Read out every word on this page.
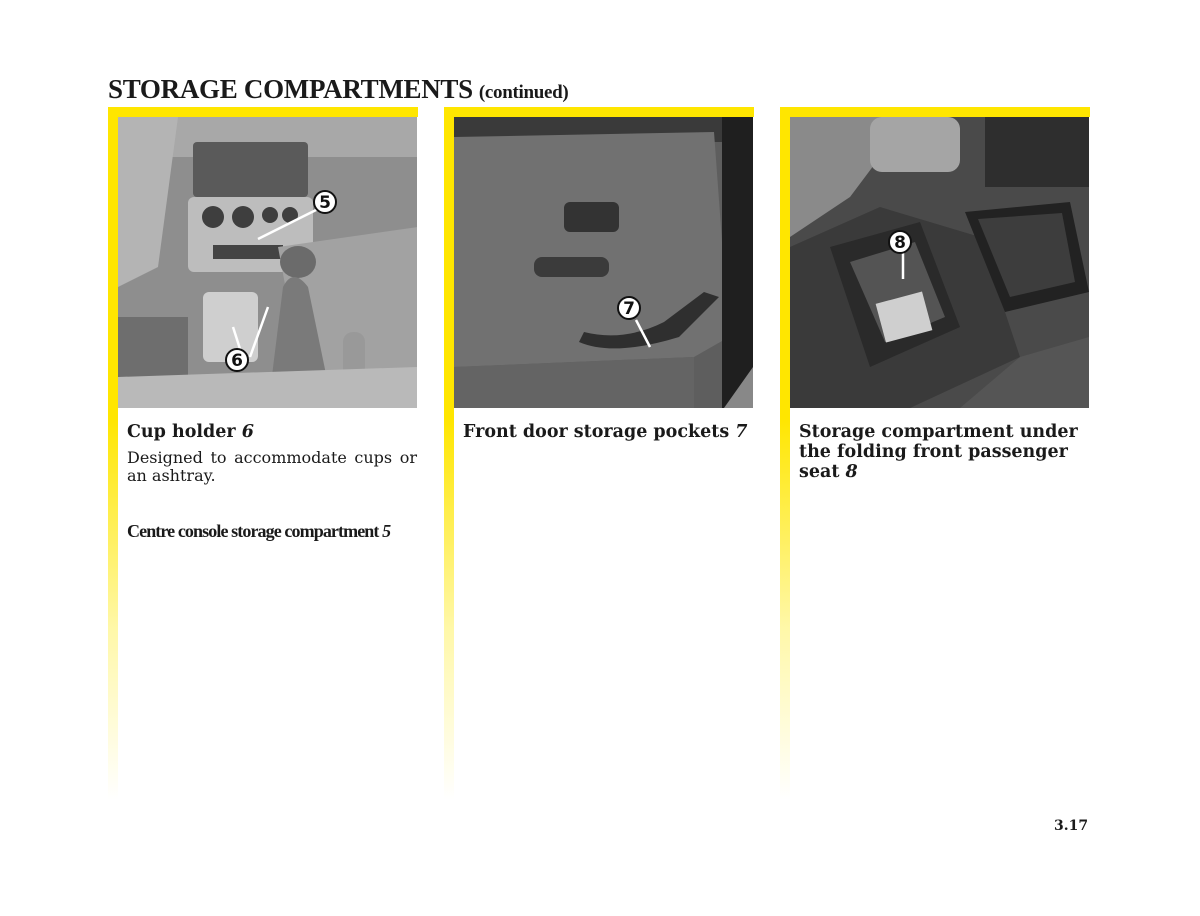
STORAGE COMPARTMENTS (continued)
5
6
Cup holder 6

Designed to accommodate cups or an ashtray.

Centre console storage compartment 5
7
Front door storage pockets 7
8
Storage compartment under the folding front passenger seat 8

3.17
